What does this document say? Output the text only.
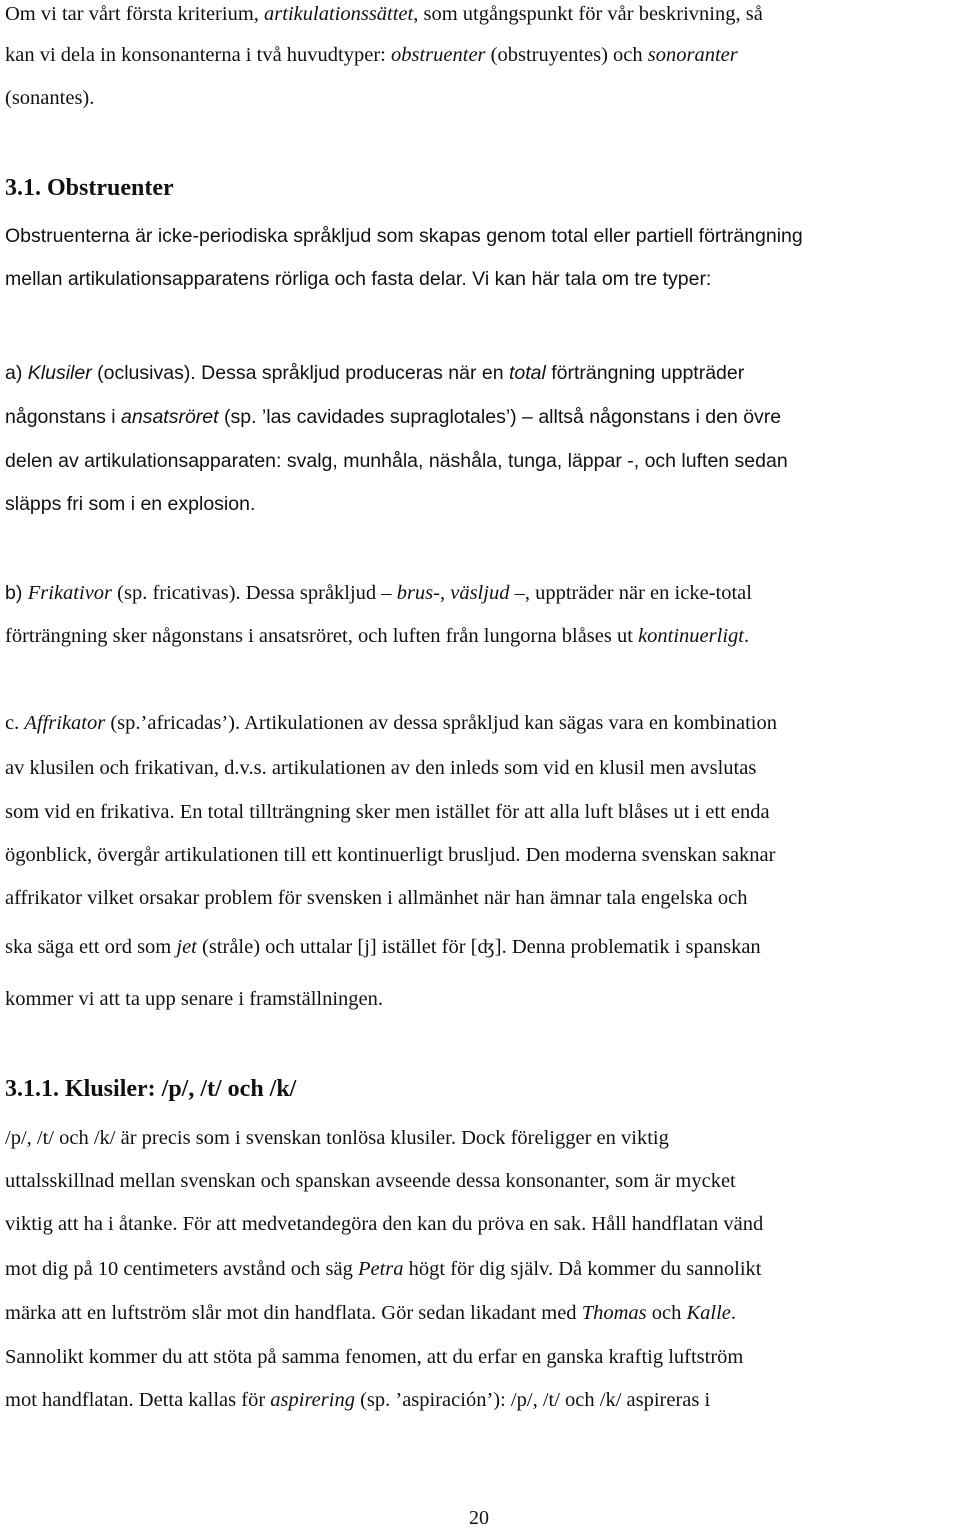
Om vi tar vårt första kriterium, artikulationssättet, som utgångspunkt för vår beskrivning, så
kan vi dela in konsonanterna i två huvudtyper: obstruenter (obstruyentes) och sonoranter
(sonantes).
3.1. Obstruenter
Obstruenterna är icke-periodiska språkljud som skapas genom total eller partiell förträngning
mellan artikulationsapparatens rörliga och fasta delar. Vi kan här tala om tre typer:
a) Klusiler (oclusivas). Dessa språkljud produceras när en total förträngning uppträder
någonstans i ansatsröret (sp. ’las cavidades supraglotales’) – alltså någonstans i den övre
delen av artikulationsapparaten: svalg, munhåla, näshåla, tunga, läppar -, och luften sedan
släpps fri som i en explosion.
b) Frikativor (sp. fricativas). Dessa språkljud – brus-, väsljud –, uppträder när en icke-total
förträngning sker någonstans i ansatsröret, och luften från lungorna blåses ut kontinuerligt.
c. Affrikator (sp.’africadas’). Artikulationen av dessa språkljud kan sägas vara en kombination
av klusilen och frikativan, d.v.s. artikulationen av den inleds som vid en klusil men avslutas
som vid en frikativa. En total tillträngning sker men istället för att alla luft blåses ut i ett enda
ögonblick, övergår artikulationen till ett kontinuerligt brusljud. Den moderna svenskan saknar
affrikator vilket orsakar problem för svensken i allmänhet när han ämnar tala engelska och
ska säga ett ord som jet (stråle) och uttalar [j] istället för [ʤ]. Denna problematik i spanskan
kommer vi att ta upp senare i framställningen.
3.1.1. Klusiler: /p/, /t/ och /k/
/p/, /t/ och /k/ är precis som i svenskan tonlösa klusiler. Dock föreligger en viktig
uttalsskillnad mellan svenskan och spanskan avseende dessa konsonanter, som är mycket
viktig att ha i åtanke. För att medvetandegöra den kan du pröva en sak. Håll handflatan vänd
mot dig på 10 centimeters avstånd och säg Petra högt för dig själv. Då kommer du sannolikt
märka att en luftström slår mot din handflata. Gör sedan likadant med Thomas och Kalle.
Sannolikt kommer du att stöta på samma fenomen, att du erfar en ganska kraftig luftström
mot handflatan. Detta kallas för aspirering (sp. ’aspiración’): /p/, /t/ och /k/ aspireras i
20
